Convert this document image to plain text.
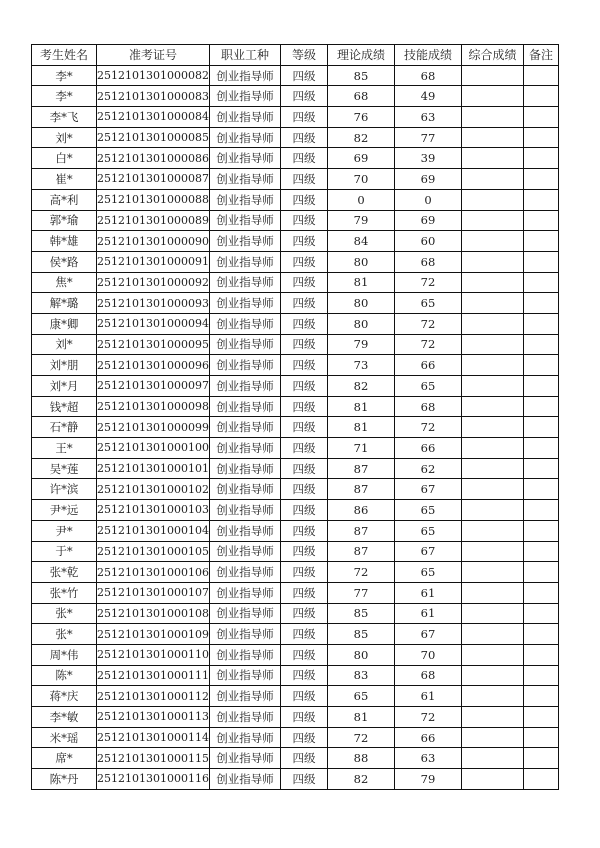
考生姓名	准考证号	职业工种	等级	理论成绩	技能成绩	综合成绩	备注
李*	2512101301000082	创业指导师	四级	85	68		
李*	2512101301000083	创业指导师	四级	68	49		
李*飞	2512101301000084	创业指导师	四级	76	63		
刘*	2512101301000085	创业指导师	四级	82	77		
白*	2512101301000086	创业指导师	四级	69	39		
崔*	2512101301000087	创业指导师	四级	70	69		
高*利	2512101301000088	创业指导师	四级	0	0		
郭*瑜	2512101301000089	创业指导师	四级	79	69		
韩*雄	2512101301000090	创业指导师	四级	84	60		
侯*路	2512101301000091	创业指导师	四级	80	68		
焦*	2512101301000092	创业指导师	四级	81	72		
解*璐	2512101301000093	创业指导师	四级	80	65		
康*卿	2512101301000094	创业指导师	四级	80	72		
刘*	2512101301000095	创业指导师	四级	79	72		
刘*朋	2512101301000096	创业指导师	四级	73	66		
刘*月	2512101301000097	创业指导师	四级	82	65		
钱*超	2512101301000098	创业指导师	四级	81	68		
石*静	2512101301000099	创业指导师	四级	81	72		
王*	2512101301000100	创业指导师	四级	71	66		
吴*莲	2512101301000101	创业指导师	四级	87	62		
许*滨	2512101301000102	创业指导师	四级	87	67		
尹*远	2512101301000103	创业指导师	四级	86	65		
尹*	2512101301000104	创业指导师	四级	87	65		
于*	2512101301000105	创业指导师	四级	87	67		
张*乾	2512101301000106	创业指导师	四级	72	65		
张*竹	2512101301000107	创业指导师	四级	77	61		
张*	2512101301000108	创业指导师	四级	85	61		
张*	2512101301000109	创业指导师	四级	85	67		
周*伟	2512101301000110	创业指导师	四级	80	70		
陈*	2512101301000111	创业指导师	四级	83	68		
蒋*庆	2512101301000112	创业指导师	四级	65	61		
李*敏	2512101301000113	创业指导师	四级	81	72		
米*瑶	2512101301000114	创业指导师	四级	72	66		
席*	2512101301000115	创业指导师	四级	88	63		
陈*丹	2512101301000116	创业指导师	四级	82	79		
